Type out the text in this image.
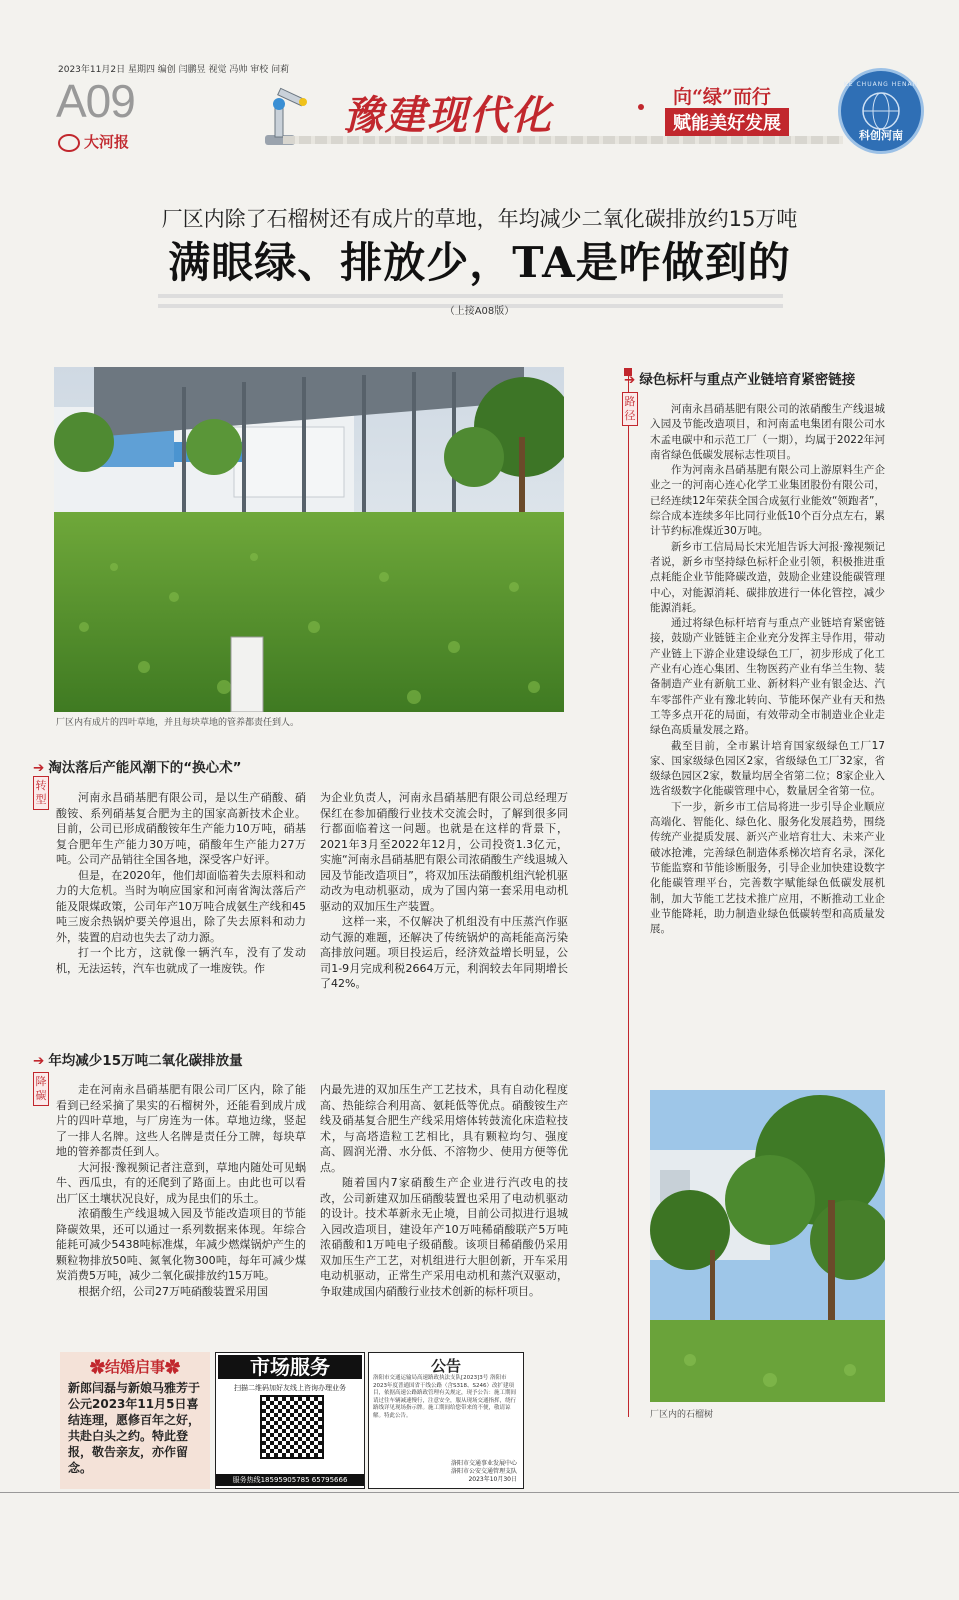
2023年11月2日 星期四 编创 闫鹏昱 视觉 冯帅 审校 问莉
A09
大河报
豫建现代化	向“绿”而行
赋能美好发展
KE CHUANG HENAN
科创河南
厂区内除了石榴树还有成片的草地，年均减少二氧化碳排放约15万吨
满眼绿、排放少，TA是咋做到的
（上接A08版）
厂区内有成片的四叶草地，并且每块草地的管养都责任到人。
➔ 淘汰落后产能风潮下的“换心术”
转型	河南永昌硝基肥有限公司，是以生产硝酸、硝酸铵、系列硝基复合肥为主的国家高新技术企业。目前，公司已形成硝酸铵年生产能力10万吨，硝基复合肥年生产能力30万吨，硝酸年生产能力27万吨。公司产品销往全国各地，深受客户好评。

但是，在2020年，他们却面临着失去原料和动力的大危机。当时为响应国家和河南省淘汰落后产能及限煤政策，公司年产10万吨合成氨生产线和45吨三废余热锅炉要关停退出，除了失去原料和动力外，装置的启动也失去了动力源。

打一个比方，这就像一辆汽车，没有了发动机，无法运转，汽车也就成了一堆废铁。作

为企业负责人，河南永昌硝基肥有限公司总经理万保红在参加硝酸行业技术交流会时，了解到很多同行都面临着这一问题。也就是在这样的背景下，2021年3月至2022年12月，公司投资1.3亿元，实施“河南永昌硝基肥有限公司浓硝酸生产线退城入园及节能改造项目”，将双加压法硝酸机组汽轮机驱动改为电动机驱动，成为了国内第一套采用电动机驱动的双加压生产装置。

这样一来，不仅解决了机组没有中压蒸汽作驱动气源的难题，还解决了传统锅炉的高耗能高污染高排放问题。项目投运后，经济效益增长明显，公司1-9月完成利税2664万元，利润较去年同期增长了42%。

➔ 年均减少15万吨二氧化碳排放量
降碳	走在河南永昌硝基肥有限公司厂区内，除了能看到已经采摘了果实的石榴树外，还能看到成片成片的四叶草地，与厂房连为一体。草地边缘，竖起了一排人名牌。这些人名牌是责任分工牌，每块草地的管养都责任到人。

大河报·豫视频记者注意到，草地内随处可见蜗牛、西瓜虫，有的还爬到了路面上。由此也可以看出厂区土壤状况良好，成为昆虫们的乐土。

浓硝酸生产线退城入园及节能改造项目的节能降碳效果，还可以通过一系列数据来体现。年综合能耗可减少5438吨标准煤，年减少燃煤锅炉产生的颗粒物排放50吨、氮氧化物300吨，每年可减少煤炭消费5万吨，减少二氧化碳排放约15万吨。

根据介绍，公司27万吨硝酸装置采用国

内最先进的双加压生产工艺技术，具有自动化程度高、热能综合利用高、氨耗低等优点。硝酸铵生产线及硝基复合肥生产线采用熔体转鼓流化床造粒技术，与高塔造粒工艺相比，具有颗粒均匀、强度高、圆润光滑、水分低、不溶物少、使用方便等优点。

随着国内7家硝酸生产企业进行汽改电的技改，公司新建双加压硝酸装置也采用了电动机驱动的设计。技术革新永无止境，目前公司拟进行退城入园改造项目，建设年产10万吨稀硝酸联产5万吨浓硝酸和1万吨电子级硝酸。该项目稀硝酸仍采用双加压生产工艺，对机组进行大胆创新，开车采用电动机驱动，正常生产采用电动机和蒸汽双驱动，争取建成国内硝酸行业技术创新的标杆项目。

➔ 绿色标杆与重点产业链培育紧密链接
路径	河南永昌硝基肥有限公司的浓硝酸生产线退城入园及节能改造项目，和河南孟电集团有限公司水木孟电碳中和示范工厂（一期），均属于2022年河南省绿色低碳发展标志性项目。

作为河南永昌硝基肥有限公司上游原料生产企业之一的河南心连心化学工业集团股份有限公司，已经连续12年荣获全国合成氨行业能效“领跑者”，综合成本连续多年比同行业低10个百分点左右，累计节约标准煤近30万吨。

新乡市工信局局长宋光旭告诉大河报·豫视频记者说，新乡市坚持绿色标杆企业引领，积极推进重点耗能企业节能降碳改造，鼓励企业建设能碳管理中心，对能源消耗、碳排放进行一体化管控，减少能源消耗。

通过将绿色标杆培育与重点产业链培育紧密链接，鼓励产业链链主企业充分发挥主导作用，带动产业链上下游企业建设绿色工厂，初步形成了化工产业有心连心集团、生物医药产业有华兰生物、装备制造产业有新航工业、新材料产业有银金达、汽车零部件产业有豫北转向、节能环保产业有天和热工等多点开花的局面，有效带动全市制造业企业走绿色高质量发展之路。

截至目前，全市累计培育国家级绿色工厂17家、国家级绿色园区2家，省级绿色工厂32家，省级绿色园区2家，数量均居全省第二位；8家企业入选省级数字化能碳管理中心，数量居全省第一位。

下一步，新乡市工信局将进一步引导企业顺应高端化、智能化、绿色化、服务化发展趋势，围绕传统产业提质发展、新兴产业培育壮大、未来产业破冰抢滩，完善绿色制造体系梯次培育名录，深化节能监察和节能诊断服务，引导企业加快建设数字化能碳管理平台，完善数字赋能绿色低碳发展机制，加大节能工艺技术推广应用，不断推动工业企业节能降耗，助力制造业绿色低碳转型和高质量发展。

厂区内的石榴树
✿结婚启事✿
新郎闫磊与新娘马雅芳于公元2023年11月5日喜结连理，愿修百年之好，共赴白头之约。特此登报，敬告亲友，亦作留念。
市场服务
扫描二维码加好友线上咨询办理业务
服务热线18595905785 65795666
公告
洛阳市交通运输局高速路政执法支队[2023]3号 洛阳市2023年度普通国省干线公路（含S318、S246）改扩建项目，依据高速公路路政管理有关规定，现予公告：施工期间请过往车辆减速慢行，注意安全，服从现场交通指挥，绕行路线详见现场指示牌。施工期间给您带来的不便，敬请谅解。特此公告。
洛阳市交通事业发展中心
洛阳市公安交通管理支队
2023年10月30日
